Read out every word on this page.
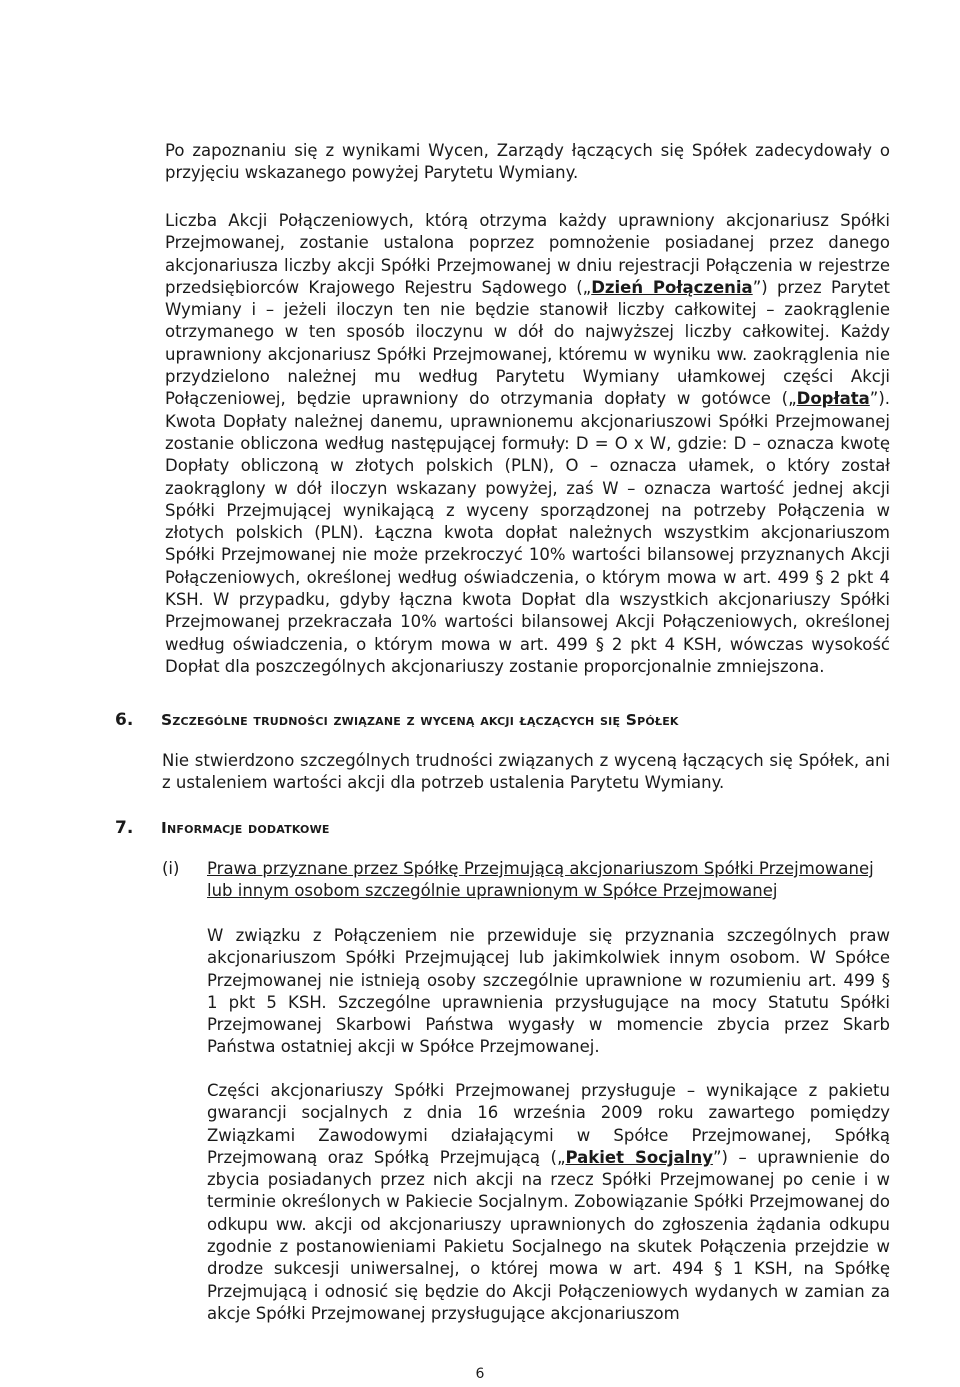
Po zapoznaniu się z wynikami Wycen, Zarządy łączących się Spółek zadecydowały o przyjęciu wskazanego powyżej Parytetu Wymiany.

Liczba Akcji Połączeniowych, którą otrzyma każdy uprawniony akcjonariusz Spółki Przejmowanej, zostanie ustalona poprzez pomnożenie posiadanej przez danego akcjonariusza liczby akcji Spółki Przejmowanej w dniu rejestracji Połączenia w rejestrze przedsiębiorców Krajowego Rejestru Sądowego („Dzień Połączenia”) przez Parytet Wymiany i – jeżeli iloczyn ten nie będzie stanowił liczby całkowitej – zaokrąglenie otrzymanego w ten sposób iloczynu w dół do najwyższej liczby całkowitej. Każdy uprawniony akcjonariusz Spółki Przejmowanej, któremu w wyniku ww. zaokrąglenia nie przydzielono należnej mu według Parytetu Wymiany ułamkowej części Akcji Połączeniowej, będzie uprawniony do otrzymania dopłaty w gotówce („Dopłata”). Kwota Dopłaty należnej danemu, uprawnionemu akcjonariuszowi Spółki Przejmowanej zostanie obliczona według następującej formuły: D = O x W, gdzie: D – oznacza kwotę Dopłaty obliczoną w złotych polskich (PLN), O – oznacza ułamek, o który został zaokrąglony w dół iloczyn wskazany powyżej, zaś W – oznacza wartość jednej akcji Spółki Przejmującej wynikającą z wyceny sporządzonej na potrzeby Połączenia w złotych polskich (PLN). Łączna kwota dopłat należnych wszystkim akcjonariuszom Spółki Przejmowanej nie może przekroczyć 10% wartości bilansowej przyznanych Akcji Połączeniowych, określonej według oświadczenia, o którym mowa w art. 499 § 2 pkt 4 KSH. W przypadku, gdyby łączna kwota Dopłat dla wszystkich akcjonariuszy Spółki Przejmowanej przekraczała 10% wartości bilansowej Akcji Połączeniowych, określonej według oświadczenia, o którym mowa w art. 499 § 2 pkt 4 KSH, wówczas wysokość Dopłat dla poszczególnych akcjonariuszy zostanie proporcjonalnie zmniejszona.

6. Szczególne trudności związane z wyceną akcji łączących się Spółek

Nie stwierdzono szczególnych trudności związanych z wyceną łączących się Spółek, ani z ustaleniem wartości akcji dla potrzeb ustalenia Parytetu Wymiany.

7. Informacje dodatkowe
(i) Prawa przyznane przez Spółkę Przejmującą akcjonariuszom Spółki Przejmowanej lub innym osobom szczególnie uprawnionym w Spółce Przejmowanej

W związku z Połączeniem nie przewiduje się przyznania szczególnych praw akcjonariuszom Spółki Przejmującej lub jakimkolwiek innym osobom. W Spółce Przejmowanej nie istnieją osoby szczególnie uprawnione w rozumieniu art. 499 § 1 pkt 5 KSH. Szczególne uprawnienia przysługujące na mocy Statutu Spółki Przejmowanej Skarbowi Państwa wygasły w momencie zbycia przez Skarb Państwa ostatniej akcji w Spółce Przejmowanej.

Części akcjonariuszy Spółki Przejmowanej przysługuje – wynikające z pakietu gwarancji socjalnych z dnia 16 września 2009 roku zawartego pomiędzy Związkami Zawodowymi działającymi w Spółce Przejmowanej, Spółką Przejmowaną oraz Spółką Przejmującą („Pakiet Socjalny”) – uprawnienie do zbycia posiadanych przez nich akcji na rzecz Spółki Przejmowanej po cenie i w terminie określonych w Pakiecie Socjalnym. Zobowiązanie Spółki Przejmowanej do odkupu ww. akcji od akcjonariuszy uprawnionych do zgłoszenia żądania odkupu zgodnie z postanowieniami Pakietu Socjalnego na skutek Połączenia przejdzie w drodze sukcesji uniwersalnej, o której mowa w art. 494 § 1 KSH, na Spółkę Przejmującą i odnosić się będzie do Akcji Połączeniowych wydanych w zamian za akcje Spółki Przejmowanej przysługujące akcjonariuszom

6
